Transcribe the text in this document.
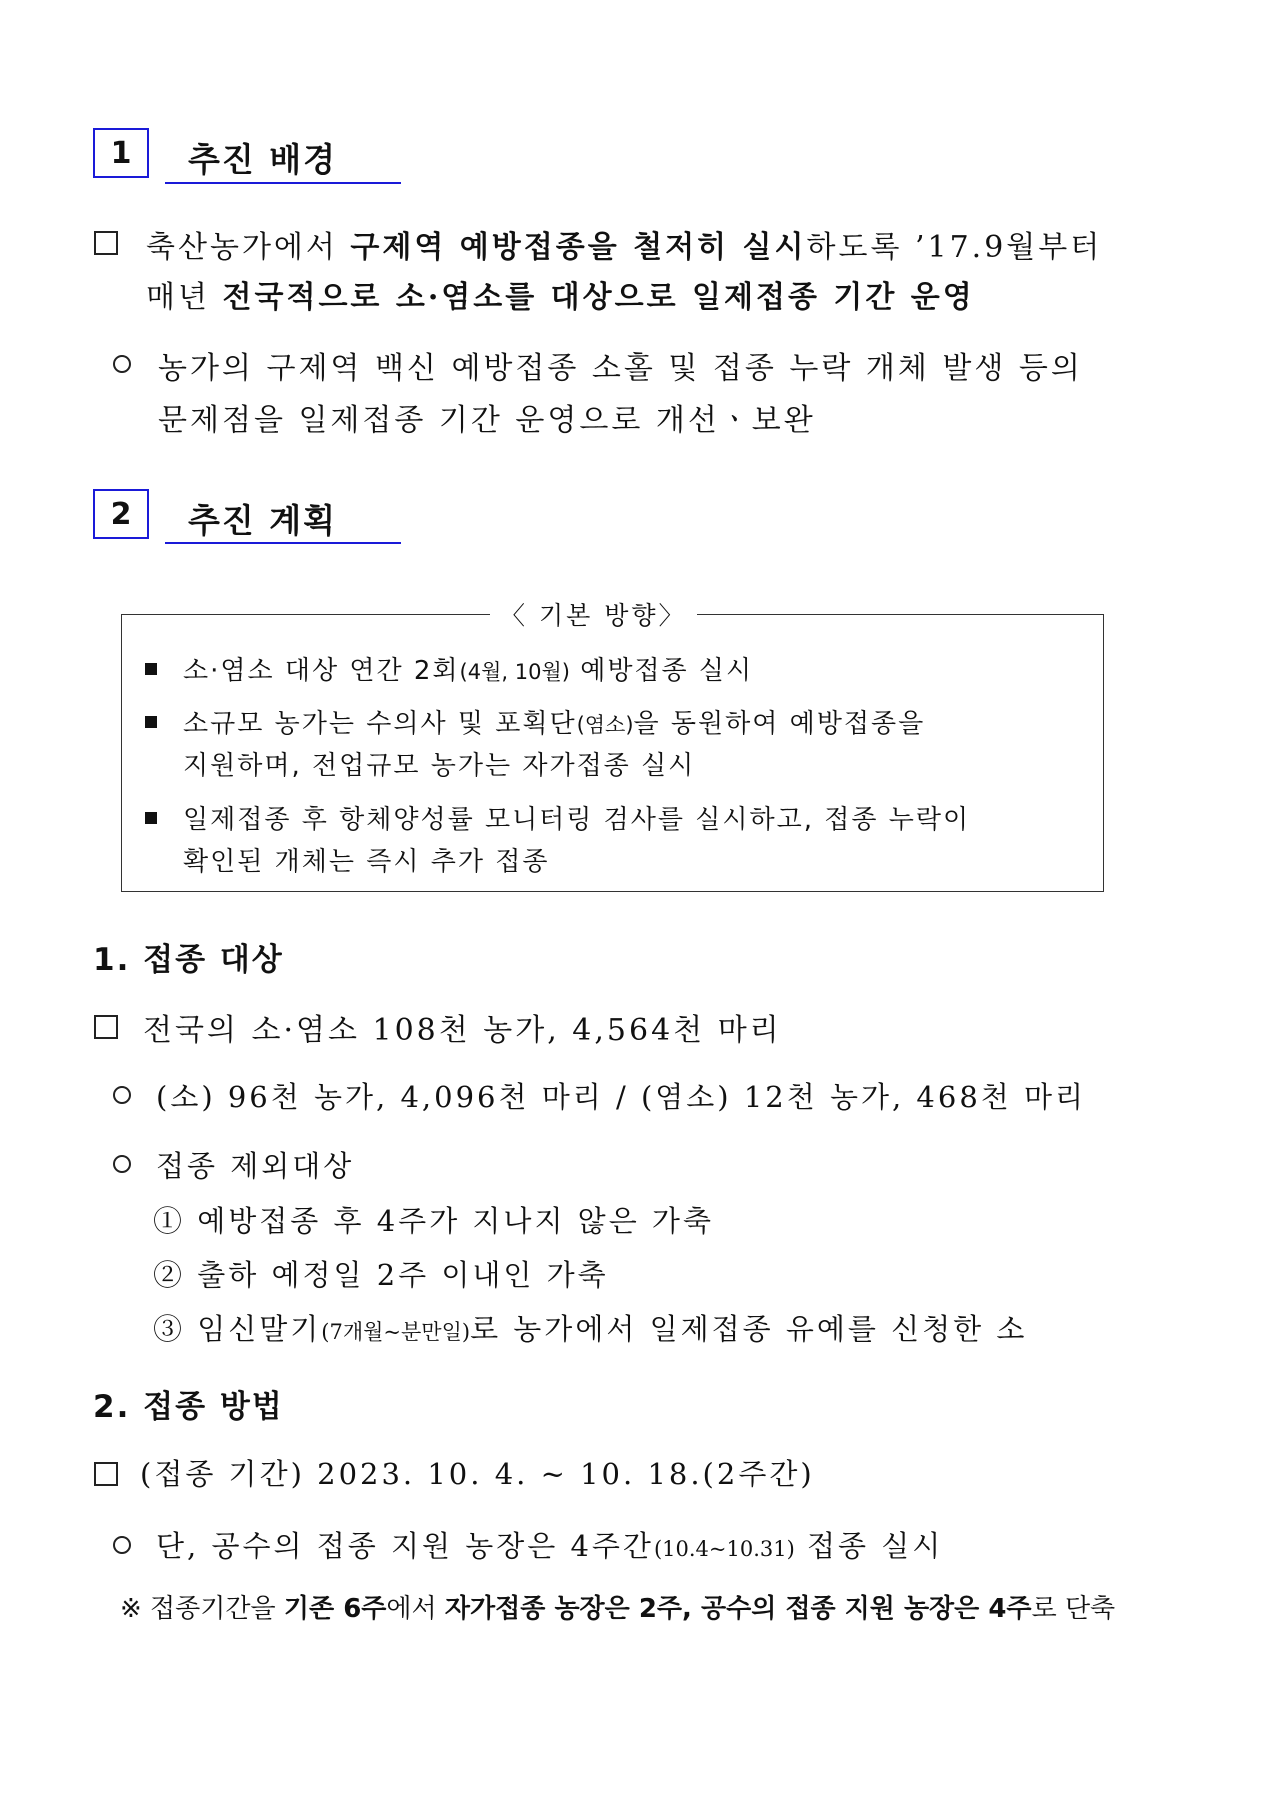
1	추진 배경
축산농가에서 구제역 예방접종을 철저히 실시하도록 ’17.9월부터
매년 전국적으로 소·염소를 대상으로 일제접종 기간 운영
농가의 구제역 백신 예방접종 소홀 및 접종 누락 개체 발생 등의
문제점을 일제접종 기간 운영으로 개선ㆍ보완
2	추진 계획
〈 기본 방향〉
소·염소 대상 연간 2회(4월, 10월) 예방접종 실시
소규모 농가는 수의사 및 포획단(염소)을 동원하여 예방접종을
지원하며, 전업규모 농가는 자가접종 실시
일제접종 후 항체양성률 모니터링 검사를 실시하고, 접종 누락이
확인된 개체는 즉시 추가 접종
1. 접종 대상
전국의 소·염소 108천 농가, 4,564천 마리
(소) 96천 농가, 4,096천 마리 / (염소) 12천 농가, 468천 마리
접종 제외대상
① 예방접종 후 4주가 지나지 않은 가축
② 출하 예정일 2주 이내인 가축
③ 임신말기(7개월~분만일)로 농가에서 일제접종 유예를 신청한 소
2. 접종 방법
(접종 기간) 2023. 10. 4. ~ 10. 18.(2주간)
단, 공수의 접종 지원 농장은 4주간(10.4~10.31) 접종 실시
※ 접종기간을 기존 6주에서 자가접종 농장은 2주, 공수의 접종 지원 농장은 4주로 단축
